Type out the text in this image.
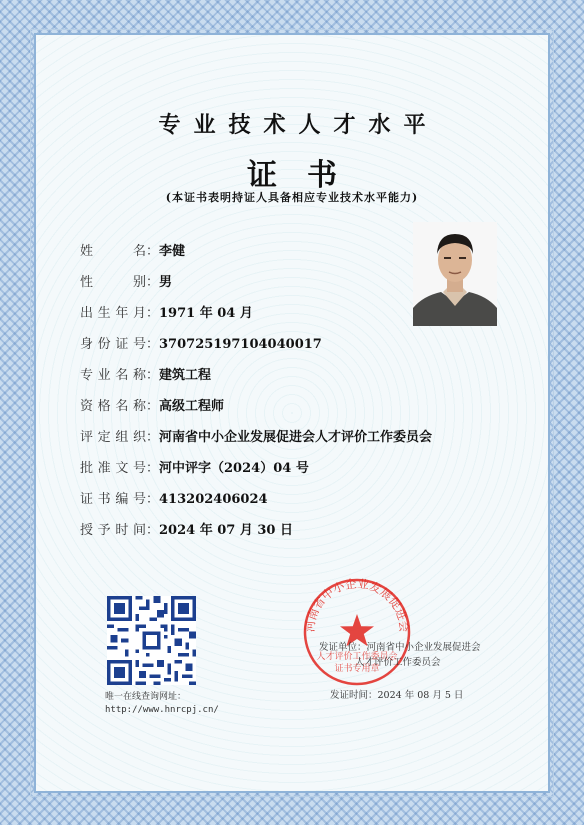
专业技术人才水平
证书
(本证书表明持证人具备相应专业技术水平能力)
姓　　名：李健
性　　别：男
出生年月：1971 年 04 月
身份证号：370725197104040017
专业名称：建筑工程
资格名称：高级工程师
评定组织：河南省中小企业发展促进会人才评价工作委员会
批准文号：河中评字（2024）04 号
证书编号：413202406024
授予时间：2024 年 07 月 30 日
唯一在线查询网址：
http://www.hnrcpj.cn/
河南省中小企业发展促进会
人才评价工作委员会
证书专用章
发证单位：河南省中小企业发展促进会
人才评价工作委员会
发证时间：2024 年 08 月 5 日
